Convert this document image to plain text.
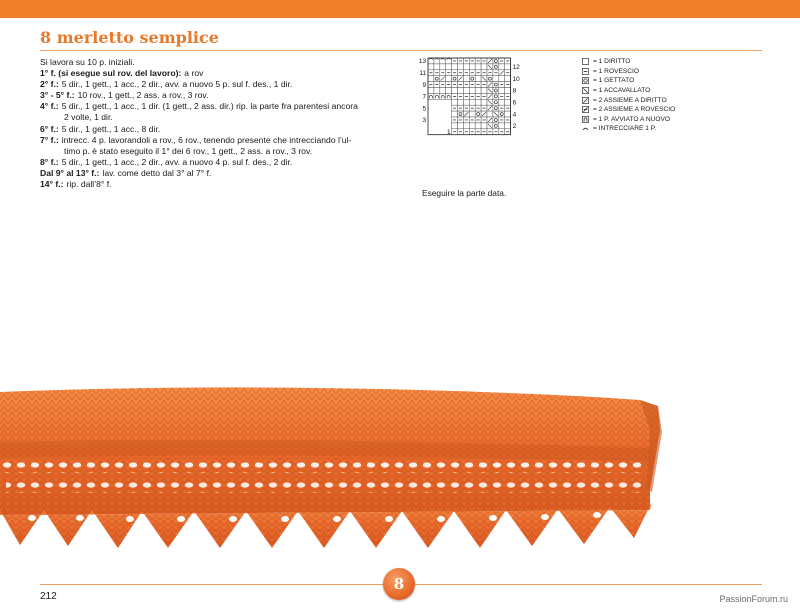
8 merletto semplice
Si lavora su 10 p. iniziali.
1° f. (si esegue sul rov. del lavoro): a rov
2° f.: 5 dir., 1 gett., 1 acc., 2 dir., avv. a nuovo 5 p. sul f. des., 1 dir.
3° - 5° f.: 10 rov., 1 gett., 2 ass. a rov., 3 rov.
4° f.: 5 dir., 1 gett., 1 acc., 1 dir. (1 gett., 2 ass. dir.) rip. la parte fra parentesi ancora
2 volte, 1 dir.
6° f.: 5 dir., 1 gett., 1 acc., 8 dir.
7° f.: intrecc. 4 p. lavorandoli a rov., 6 rov., tenendo presente che intrecciando l’ul-
timo p. è stato eseguito il 1° dei 6 rov., 1 gett., 2 ass. a rov., 3 rov.
8° f.: 5 dir., 1 gett., 1 acc., 2 dir., avv. a nuovo 4 p. sul f. des., 2 dir.
Dal 9° al 13° f.: lav. come detto dal 3° al 7° f.
14° f.: rip. dall’8° f.
13
11
9
7
5
3
12
10
8
6
4
2
1
Eseguire la parte data.
= 1 DIRITTO
= 1 ROVESCIO
= 1 GETTATO
= 1 ACCAVALLATO
= 2 ASSIEME A DIRITTO
= 2 ASSIEME A ROVESCIO
= 1 P. AVVIATO A NUOVO
= INTRECCIARE 1 P.
8
212	PassionForum.ru
